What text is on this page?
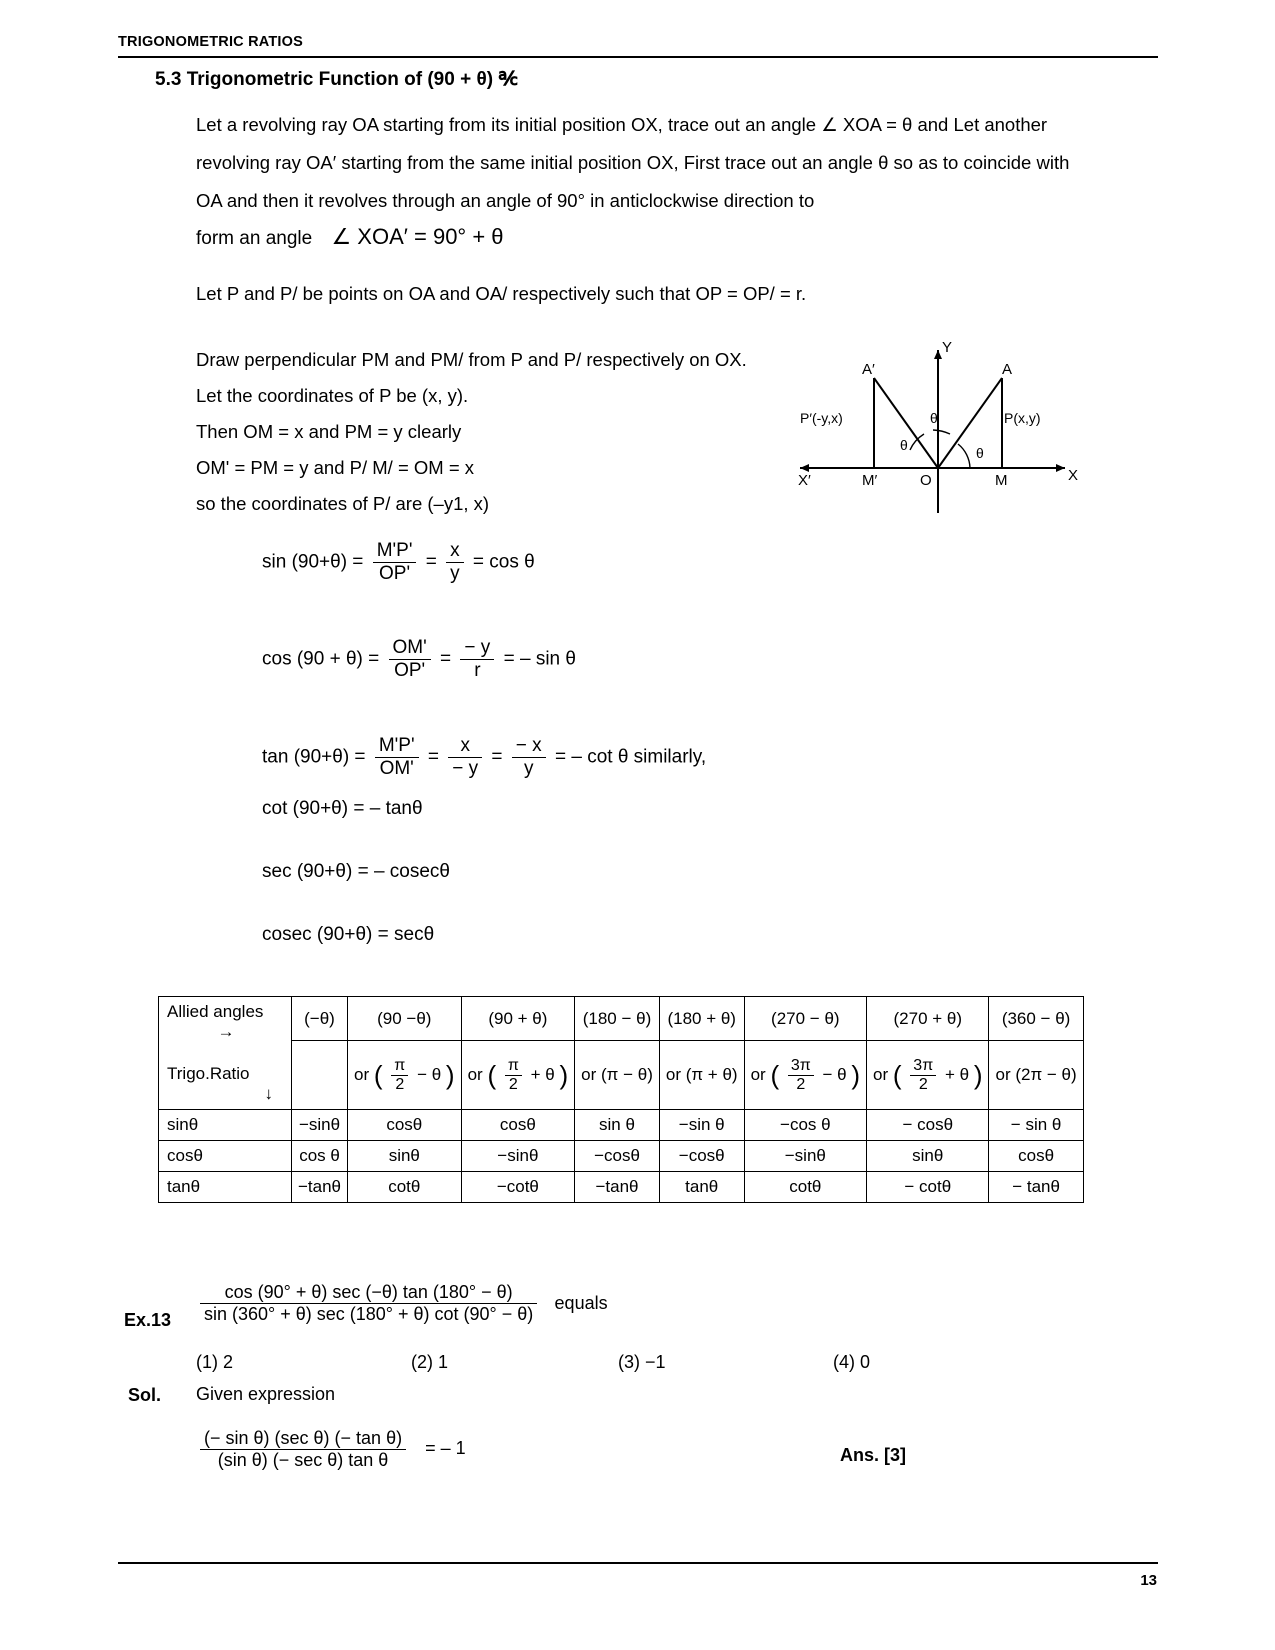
TRIGONOMETRIC RATIOS
5.3 Trigonometric Function of (90 + θ) ℀
Let a revolving ray OA starting from its initial position OX, trace out an angle ∠ XOA = θ and Let another revolving ray OA′ starting from the same initial position OX, First trace out an angle θ so as to coincide with OA and then it revolves through an angle of 90° in anticlockwise direction to
form an angle ∠ XOA′ = 90° + θ
Let P and P/ be points on OA and OA/ respectively such that OP = OP/ = r.
Draw perpendicular PM and PM/ from P and P/ respectively on OX.
Let the coordinates of P be (x, y).
Then OM = x and PM = y clearly
OM' = PM = y and P/ M/ = OM = x
so the coordinates of P/ are (–y1, x)
Y
X
X′	O	M
M′
A
A′
P(x,y)
P′(-y,x)
θ
θ
θ
$\sin (90+\theta) = \frac{M'P'}{OP'} = \frac{x}{y} = \cos \theta$
$\cos (90 + \theta) = \frac{OM'}{OP'} = \frac{- y}{r}$ = – sin θ
$\tan (90+\theta) = \frac{M'P'}{OM'} = \frac{x}{- y} = \frac{- x}{y}$ = – cot θ similarly,
cot (90+θ) = – tanθ
sec (90+θ) = – cosecθ
cosec (90+θ) = secθ
Allied angles
→
Trigo.Ratio
↓	(−θ)	(90 −θ)	(90 + θ)	(180 − θ)	(180 + θ)	(270 − θ)	(270 + θ)	(360 − θ)
		or ( $\frac{\pi}{2} - \theta$ )	or ( $\frac{\pi}{2} + \theta$ )	or (π − θ)	or (π + θ)	or ( $\frac{3\pi}{2} - \theta$ )	or ( $\frac{3\pi}{2} + \theta$ )	or (2π − θ)
sinθ	−sinθ	cosθ	cosθ	sin θ	−sin θ	−cos θ	− cosθ	− sin θ
cosθ	cos θ	sinθ	−sinθ	−cosθ	−cosθ	−sinθ	sinθ	cosθ
tanθ	−tanθ	cotθ	−cotθ	−tanθ	tanθ	cotθ	− cotθ	− tanθ
$Ex.13 \frac{\cos (90^\circ + \theta) \sec (-\theta) \tan (180^\circ - \theta)}{\sin (360^\circ + \theta) \sec (180^\circ + \theta) \cot (90^\circ - \theta)}$ equals
(1) 2	(2) 1	(3) −1	(4) 0
Sol. Given expression
$\frac{\text{(− sin θ) (sec θ) (− tan θ)}}{\text{(sin θ) (− sec θ) tan θ}}$ = – 1	Ans. [3]
13
